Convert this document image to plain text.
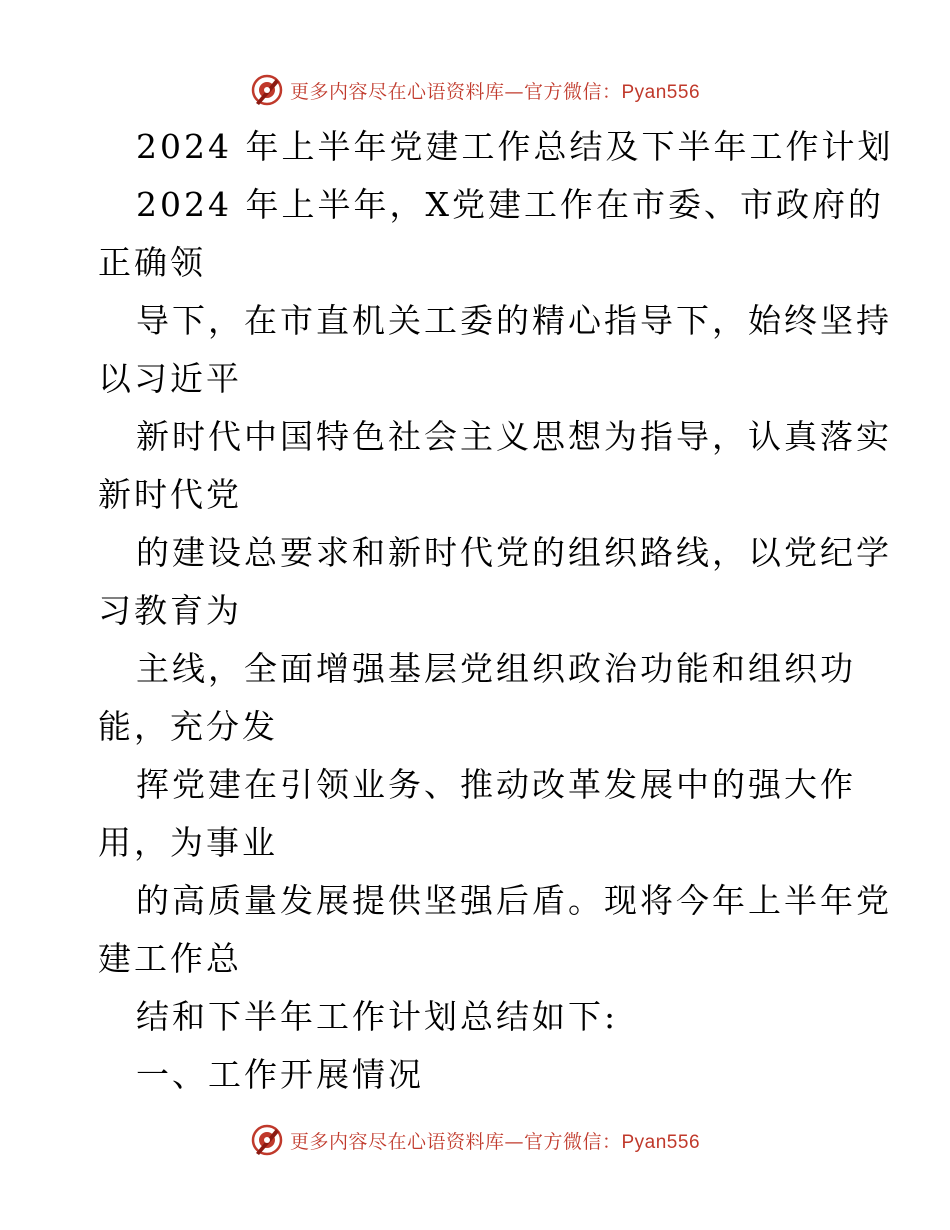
更多内容尽在心语资料库—官方微信：Pyan556
2024 年上半年党建工作总结及下半年工作计划
2024 年上半年，X党建工作在市委、市政府的
正确领
导下，在市直机关工委的精心指导下，始终坚持
以习近平
新时代中国特色社会主义思想为指导，认真落实
新时代党
的建设总要求和新时代党的组织路线，以党纪学
习教育为
主线，全面增强基层党组织政治功能和组织功
能，充分发
挥党建在引领业务、推动改革发展中的强大作
用，为事业
的高质量发展提供坚强后盾。现将今年上半年党
建工作总
结和下半年工作计划总结如下:
一、工作开展情况
更多内容尽在心语资料库—官方微信：Pyan556
